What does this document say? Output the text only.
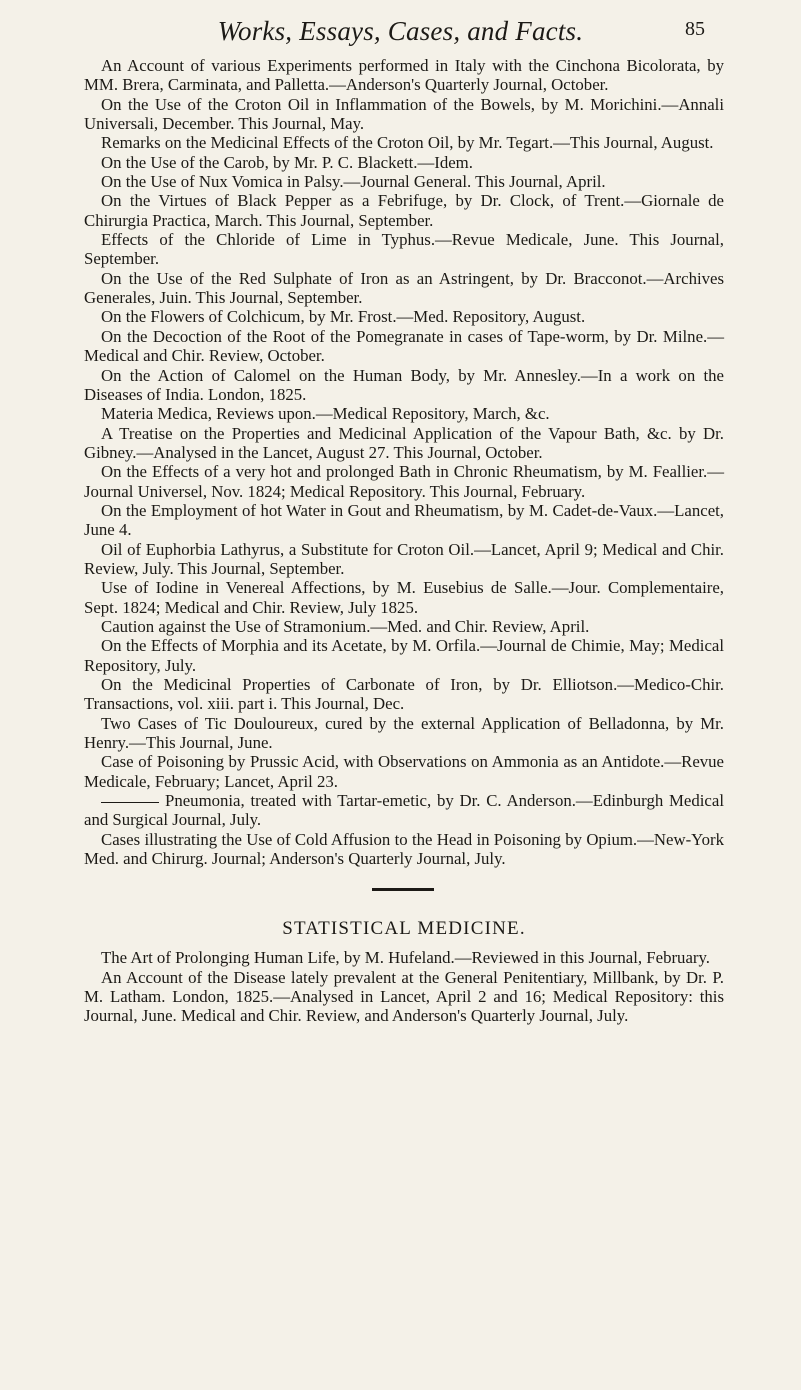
Works, Essays, Cases, and Facts.	85

An Account of various Experiments performed in Italy with the Cinchona Bicolorata, by MM. Brera, Carminata, and Palletta.—Anderson's Quarterly Journal, October.

On the Use of the Croton Oil in Inflammation of the Bowels, by M. Morichini.—Annali Universali, December. This Journal, May.

Remarks on the Medicinal Effects of the Croton Oil, by Mr. Tegart.—This Journal, August.

On the Use of the Carob, by Mr. P. C. Blackett.—Idem.

On the Use of Nux Vomica in Palsy.—Journal General. This Journal, April.

On the Virtues of Black Pepper as a Febrifuge, by Dr. Clock, of Trent.—Giornale de Chirurgia Practica, March. This Journal, September.

Effects of the Chloride of Lime in Typhus.—Revue Medicale, June. This Journal, September.

On the Use of the Red Sulphate of Iron as an Astringent, by Dr. Bracconot.—Archives Generales, Juin. This Journal, September.

On the Flowers of Colchicum, by Mr. Frost.—Med. Repository, August.

On the Decoction of the Root of the Pomegranate in cases of Tape-worm, by Dr. Milne.—Medical and Chir. Review, October.

On the Action of Calomel on the Human Body, by Mr. Annesley.—In a work on the Diseases of India. London, 1825.

Materia Medica, Reviews upon.—Medical Repository, March, &c.

A Treatise on the Properties and Medicinal Application of the Vapour Bath, &c. by Dr. Gibney.—Analysed in the Lancet, August 27. This Journal, October.

On the Effects of a very hot and prolonged Bath in Chronic Rheumatism, by M. Feallier.—Journal Universel, Nov. 1824; Medical Repository. This Journal, February.

On the Employment of hot Water in Gout and Rheumatism, by M. Cadet-de-Vaux.—Lancet, June 4.

Oil of Euphorbia Lathyrus, a Substitute for Croton Oil.—Lancet, April 9; Medical and Chir. Review, July. This Journal, September.

Use of Iodine in Venereal Affections, by M. Eusebius de Salle.—Jour. Complementaire, Sept. 1824; Medical and Chir. Review, July 1825.

Caution against the Use of Stramonium.—Med. and Chir. Review, April.

On the Effects of Morphia and its Acetate, by M. Orfila.—Journal de Chimie, May; Medical Repository, July.

On the Medicinal Properties of Carbonate of Iron, by Dr. Elliotson.—Medico-Chir. Transactions, vol. xiii. part i. This Journal, Dec.

Two Cases of Tic Douloureux, cured by the external Application of Belladonna, by Mr. Henry.—This Journal, June.

Case of Poisoning by Prussic Acid, with Observations on Ammonia as an Antidote.—Revue Medicale, February; Lancet, April 23.

Pneumonia, treated with Tartar-emetic, by Dr. C. Anderson.—Edinburgh Medical and Surgical Journal, July.

Cases illustrating the Use of Cold Affusion to the Head in Poisoning by Opium.—New-York Med. and Chirurg. Journal; Anderson's Quarterly Journal, July.

STATISTICAL MEDICINE.

The Art of Prolonging Human Life, by M. Hufeland.—Reviewed in this Journal, February.

An Account of the Disease lately prevalent at the General Penitentiary, Millbank, by Dr. P. M. Latham. London, 1825.—Analysed in Lancet, April 2 and 16; Medical Repository: this Journal, June. Medical and Chir. Review, and Anderson's Quarterly Journal, July.
